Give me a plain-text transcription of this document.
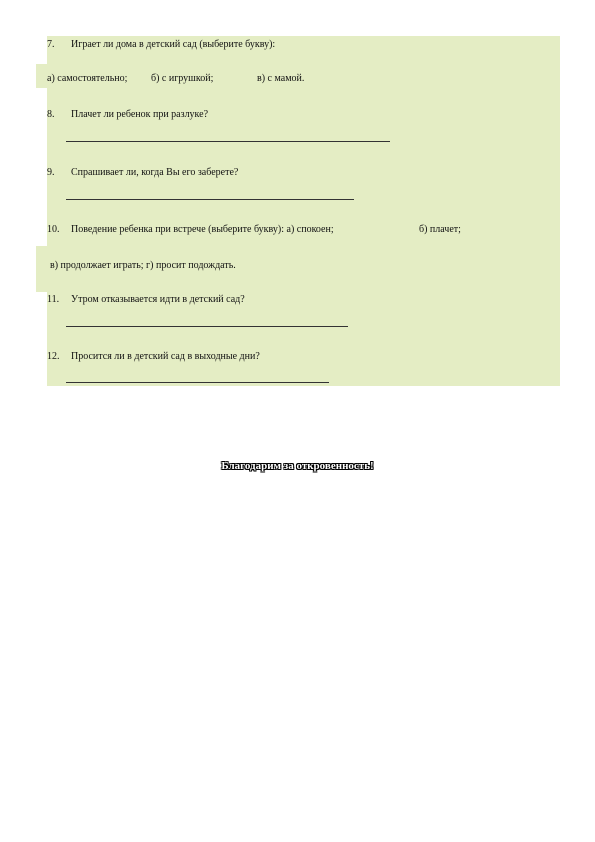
7. Играет ли дома в детский сад (выберите букву):
а) самостоятельно; б) с игрушкой;	в) с мамой.
8. Плачет ли ребенок при разлуке?
9. Спрашивает ли, когда Вы его заберете?
10. Поведение ребенка при встрече (выберите букву): а) спокоен;	б) плачет;
в) продолжает играть; г) просит подождать.
11. Утром отказывается идти в детский сад?
12. Просится ли в детский сад в выходные дни?
Благодарим за откровенность!
